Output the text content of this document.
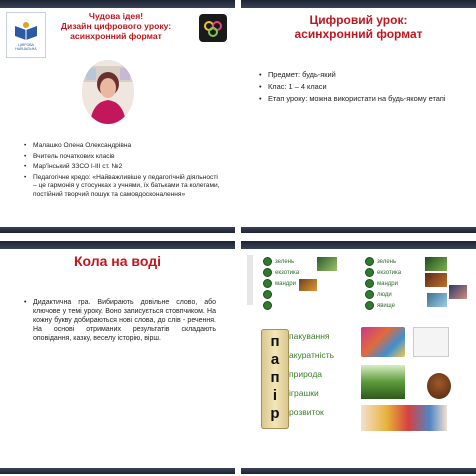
ЦІФРОВА
НАВЧАЛЬНА
Чудова ідея!
Дизайн цифрового уроку:
асинхронний формат
• Малашко Олена Олександрівна
• Вчитель початкових класів
• Мар'їнський ЗЗСО І-ІІІ ст. №2
• Педагогічне кредо: «Найважливіше у педагогічній діяльності – це гармонія у стосунках з учнями, їх батьками та колегами, постійний творчий пошук та самовдосконалення»
Цифровий урок:
асинхронний формат
• Предмет: будь-який
• Клас: 1 – 4 класи
• Етап уроку: можна використати на будь-якому етапі
Кола на воді
• Дидактична гра. Вибирають довільне слово, або ключове у темі уроку. Воно записується стовпчиком. На кожну букву добираються нові слова, до слів - речення. На основі отриманих результатів складають оповідання, казку, веселу історію, вірш.
зелень
екзотика
мандри
зелень
екзотика
мандри
люди
явище
п
а
п
і
р
пакування
акуратність
природа
іграшки
розвиток
